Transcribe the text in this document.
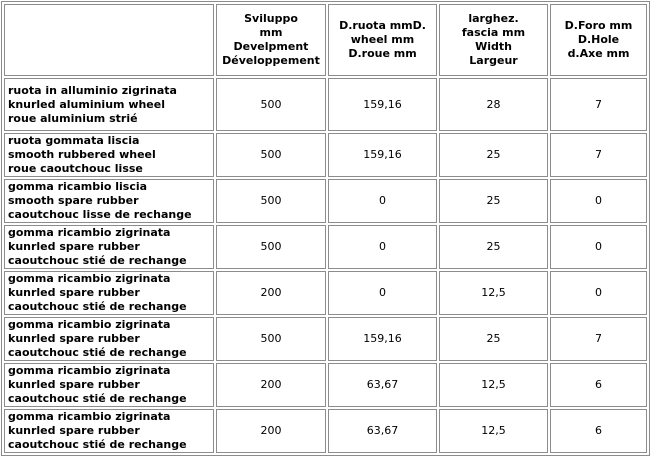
	Sviluppo
mm
Develpment
Développement	D.ruota mmD.
wheel mm
D.roue mm	larghez.
fascia mm
Width
Largeur	D.Foro mm
D.Hole
d.Axe mm

ruota in alluminio zigrinata
knurled aluminium wheel
roue aluminium strié	500	159,16	28	7

ruota gommata liscia
smooth rubbered wheel
roue caoutchouc lisse	500	159,16	25	7

gomma ricambio liscia
smooth spare rubber
caoutchouc lisse de rechange	500	0	25	0

gomma ricambio zigrinata
kunrled spare rubber
caoutchouc stié de rechange	500	0	25	0

gomma ricambio zigrinata
kunrled spare rubber
caoutchouc stié de rechange	200	0	12,5	0

gomma ricambio zigrinata
kunrled spare rubber
caoutchouc stié de rechange	500	159,16	25	7

gomma ricambio zigrinata
kunrled spare rubber
caoutchouc stié de rechange	200	63,67	12,5	6

gomma ricambio zigrinata
kunrled spare rubber
caoutchouc stié de rechange	200	63,67	12,5	6
